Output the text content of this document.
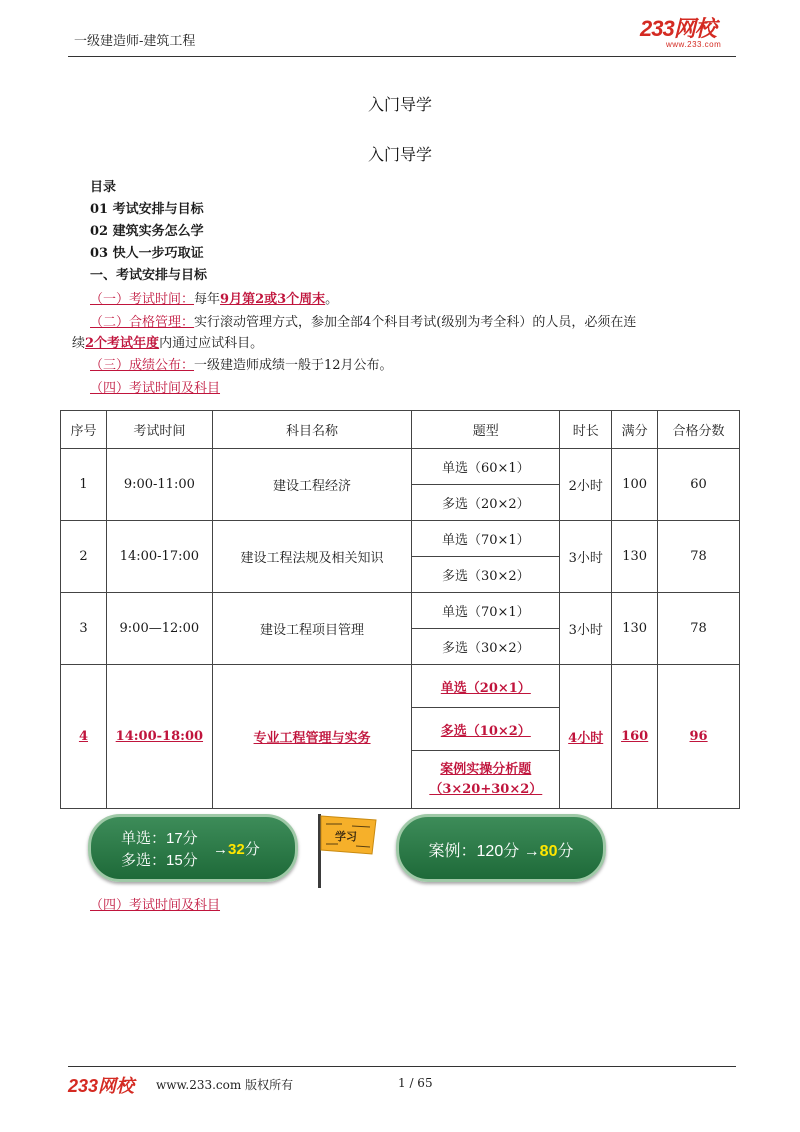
一级建造师-建筑工程
233网校
www.233.com
入门导学
入门导学
目录
01 考试安排与目标
02 建筑实务怎么学
03 快人一步巧取证
一、考试安排与目标
（一）考试时间：每年9月第2或3个周末。
（二）合格管理：实行滚动管理方式，参加全部4个科目考试(级别为考全科）的人员，必须在连
续2个考试年度内通过应试科目。
（三）成绩公布：一级建造师成绩一般于12月公布。
（四）考试时间及科目
序号	考试时间	科目名称	题型	时长	满分	合格分数
1	9:00-11:00	建设工程经济	单选（60×1）	2小时	100	60
			多选（20×2）			
2	14:00-17:00	建设工程法规及相关知识	单选（70×1）	3小时	130	78
			多选（30×2）			
3	9:00—12:00	建设工程项目管理	单选（70×1）	3小时	130	78
			多选（30×2）			
4	14:00-18:00	专业工程管理与实务	单选（20×1）	4小时	160	96
			多选（10×2）			

			案例实操分析题
（3×20+30×2）			
单选：17分
多选：15分
→32分
学习
案例：120分 →80分
（四）考试时间及科目
233网校 www.233.com 版权所有	1 / 65
